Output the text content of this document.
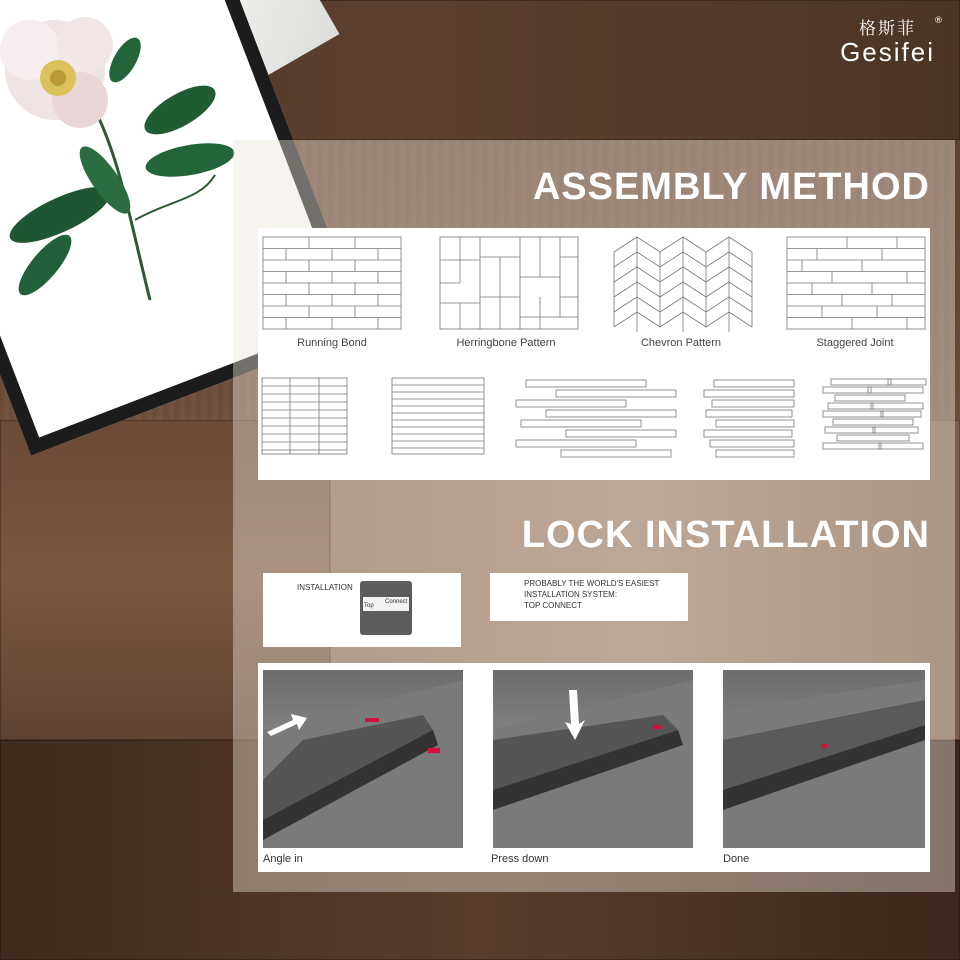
格斯菲
Gesifei
®
ASSEMBLY METHOD
Running Bond	Herringbone Pattern	Chevron Pattern	Staggered Joint
LOCK INSTALLATION
INSTALLATION
Top
Connect
PROBABLY THE WORLD'S EASIEST
INSTALLATION SYSTEM:
TOP CONNECT
Angle in	Press down	Done
